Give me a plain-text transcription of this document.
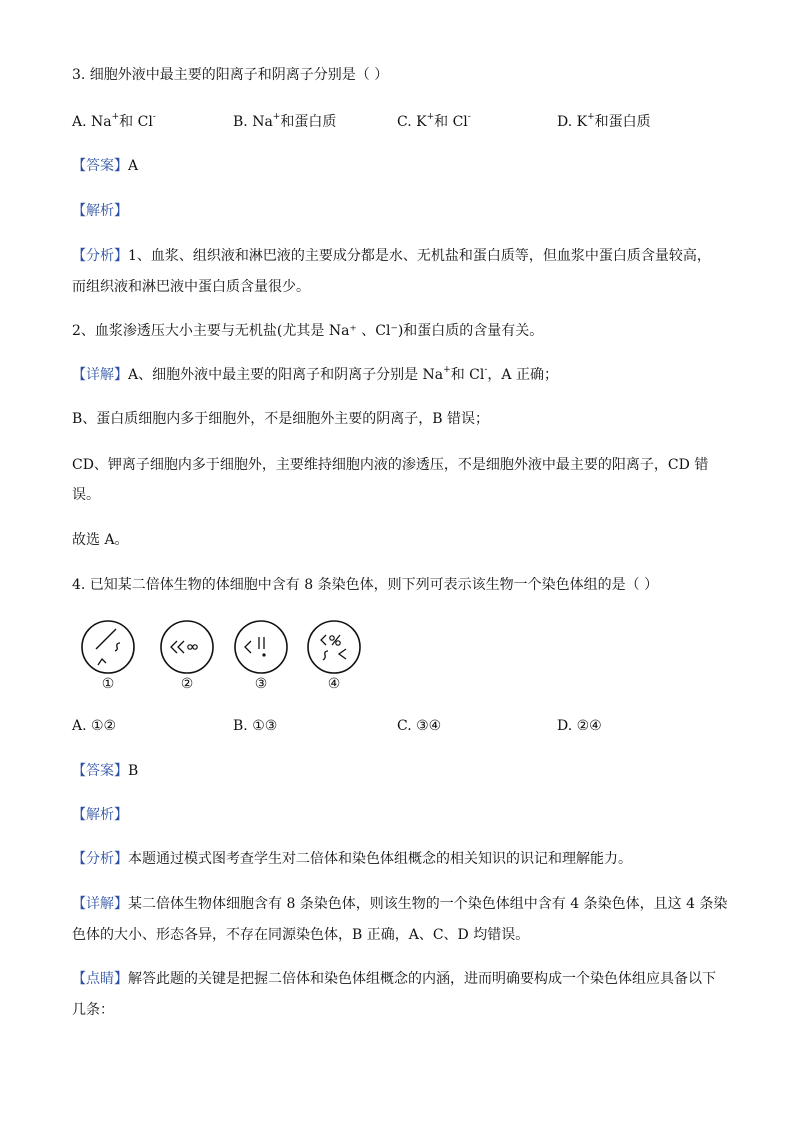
3. 细胞外液中最主要的阳离子和阴离子分别是（ ）
A. Na+和 Cl-	B. Na+和蛋白质	C. K+和 Cl-	D. K+和蛋白质
【答案】A
【解析】
【分析】1、血浆、组织液和淋巴液的主要成分都是水、无机盐和蛋白质等，但血浆中蛋白质含量较高，
而组织液和淋巴液中蛋白质含量很少。
2、血浆渗透压大小主要与无机盐(尤其是 Na⁺ 、Cl⁻)和蛋白质的含量有关。
【详解】A、细胞外液中最主要的阳离子和阴离子分别是 Na+和 Cl-，A 正确；
B、蛋白质细胞内多于细胞外，不是细胞外主要的阴离子，B 错误；
CD、钾离子细胞内多于细胞外，主要维持细胞内液的渗透压，不是细胞外液中最主要的阳离子，CD 错
误。
故选 A。
4. 已知某二倍体生物的体细胞中含有 8 条染色体，则下列可表示该生物一个染色体组的是（ ）
①	②	③	④
A. ①②	B. ①③	C. ③④	D. ②④
【答案】B
【解析】
【分析】本题通过模式图考查学生对二倍体和染色体组概念的相关知识的识记和理解能力。
【详解】某二倍体生物体细胞含有 8 条染色体，则该生物的一个染色体组中含有 4 条染色体，且这 4 条染
色体的大小、形态各异，不存在同源染色体，B 正确，A、C、D 均错误。
【点睛】解答此题的关键是把握二倍体和染色体组概念的内涵，进而明确要构成一个染色体组应具备以下
几条：
